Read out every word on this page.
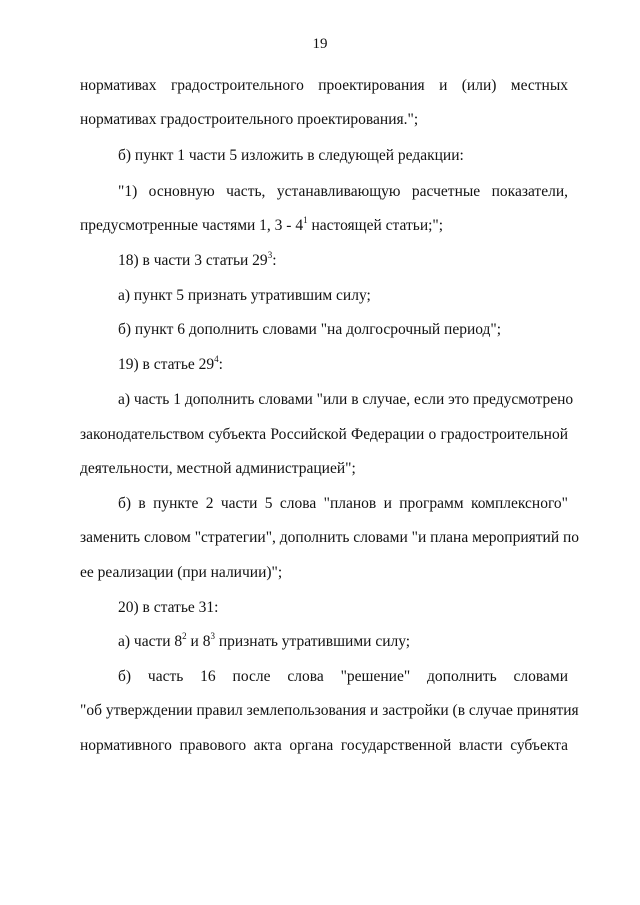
19
нормативах градостроительного проектирования и (или) местных
нормативах градостроительного проектирования.";
б) пункт 1 части 5 изложить в следующей редакции:
"1) основную часть, устанавливающую расчетные показатели,
предусмотренные частями 1, $3 - 4^1$ настоящей статьи;";
18) в части 3 статьи $29^3$:
а) пункт 5 признать утратившим силу;
б) пункт 6 дополнить словами "на долгосрочный период";
19) в статье $29^4$:
а) часть 1 дополнить словами "или в случае, если это предусмотрено
законодательством субъекта Российской Федерации о градостроительной
деятельности, местной администрацией";
б) в пункте 2 части 5 слова "планов и программ комплексного"
заменить словом "стратегии", дополнить словами "и плана мероприятий по
ее реализации (при наличии)";
20) в статье 31:
а) части $8^2$ и $8^3$ признать утратившими силу;
б) часть 16 после слова "решение" дополнить словами
"об утверждении правил землепользования и застройки (в случае принятия
нормативного правового акта органа государственной власти субъекта
